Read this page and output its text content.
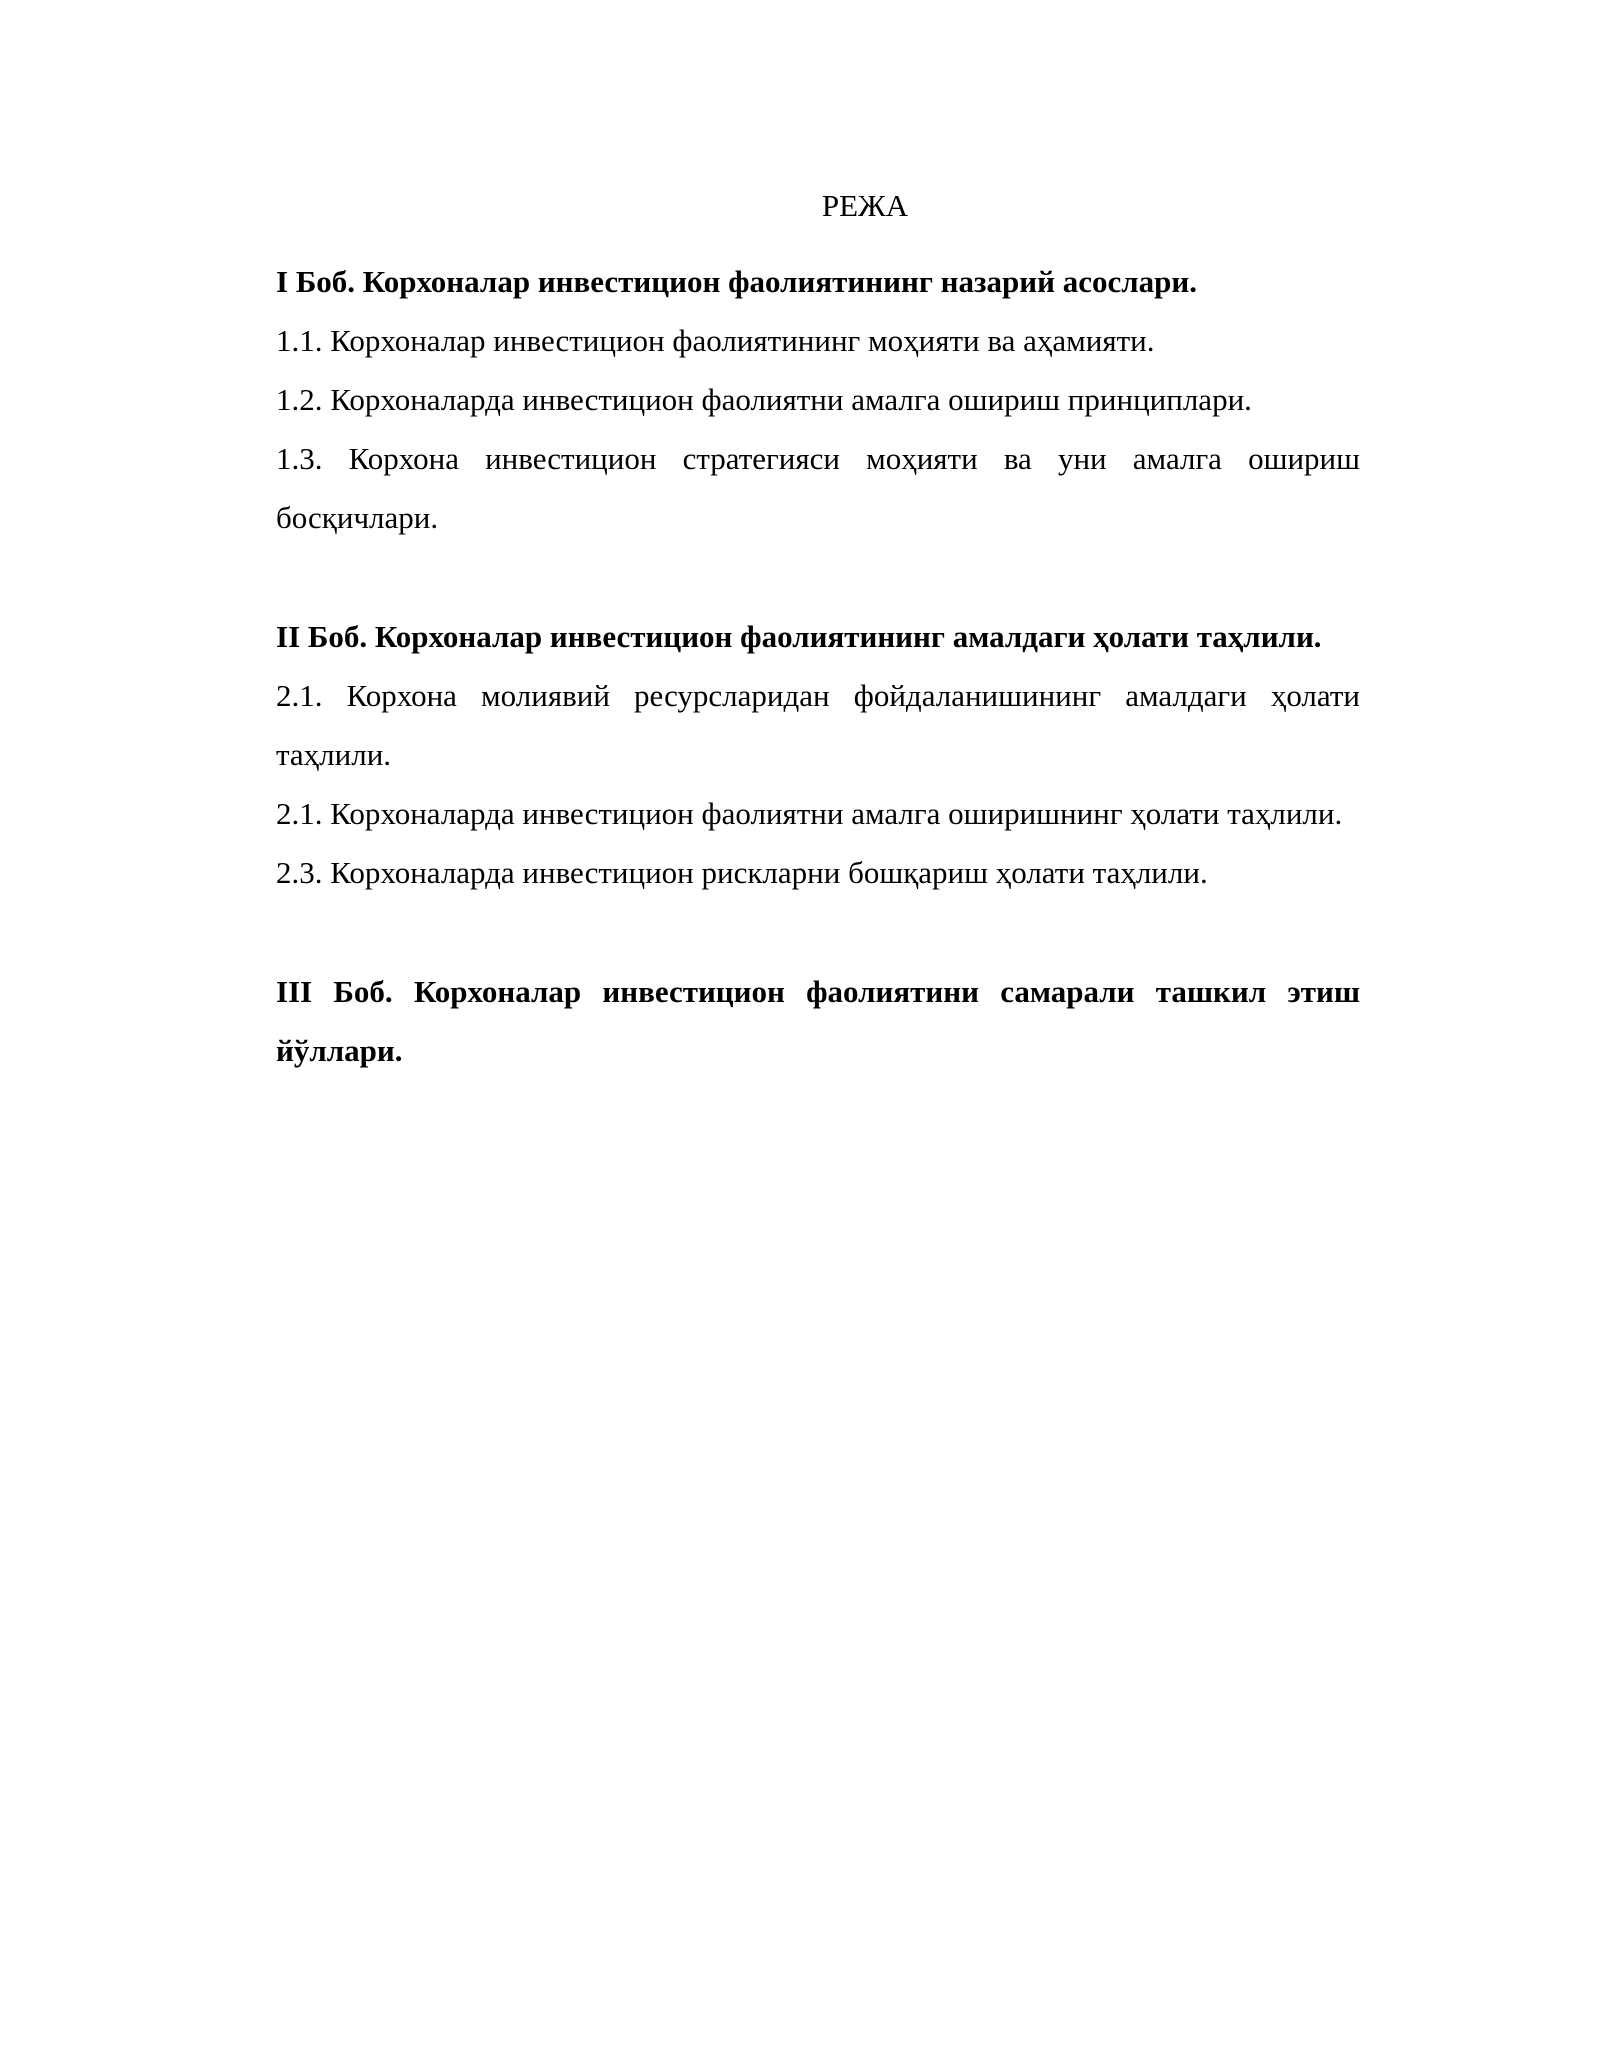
РЕЖА

I Боб. Корхоналар инвестицион фаолиятининг назарий асослари.

1.1. Корхоналар инвестицион фаолиятининг моҳияти ва аҳамияти.

1.2. Корхоналарда инвестицион фаолиятни амалга ошириш принциплари.

1.3. Корхона инвестицион стратегияси моҳияти ва уни амалга ошириш босқичлари.

II Боб. Корхоналар инвестицион фаолиятининг амалдаги ҳолати таҳлили.

2.1. Корхона молиявий ресурсларидан фойдаланишининг амалдаги ҳолати таҳлили.

2.1. Корхоналарда инвестицион фаолиятни амалга оширишнинг ҳолати таҳлили.

2.3. Корхоналарда инвестицион рискларни бошқариш ҳолати таҳлили.

III Боб. Корхоналар инвестицион фаолиятини самарали ташкил этиш йўллари.
